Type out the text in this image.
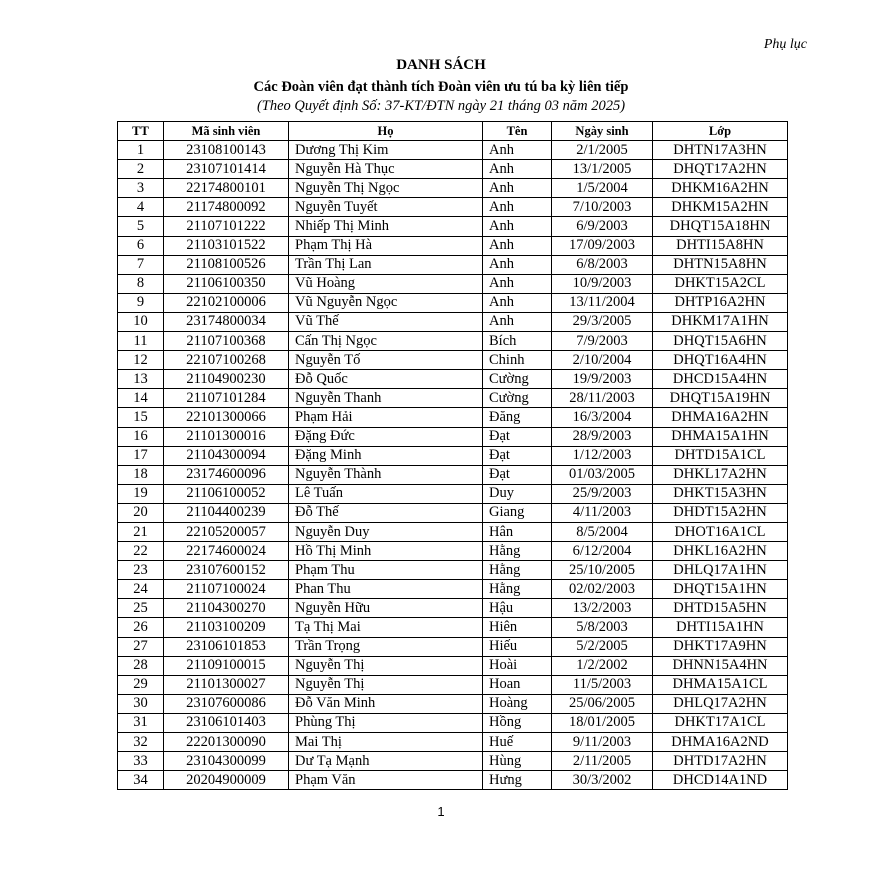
Phụ lục
DANH SÁCH
Các Đoàn viên đạt thành tích Đoàn viên ưu tú ba kỳ liên tiếp
(Theo Quyết định Số: 37-KT/ĐTN ngày 21 tháng 03 năm 2025)
TT	Mã sinh viên	Họ	Tên	Ngày sinh	Lớp
1	23108100143	Dương Thị Kim	Anh	2/1/2005	DHTN17A3HN
2	23107101414	Nguyễn Hà Thục	Anh	13/1/2005	DHQT17A2HN
3	22174800101	Nguyễn Thị Ngọc	Anh	1/5/2004	DHKM16A2HN
4	21174800092	Nguyễn Tuyết	Anh	7/10/2003	DHKM15A2HN
5	21107101222	Nhiếp Thị Minh	Anh	6/9/2003	DHQT15A18HN
6	21103101522	Phạm Thị Hà	Anh	17/09/2003	DHTI15A8HN
7	21108100526	Trần Thị Lan	Anh	6/8/2003	DHTN15A8HN
8	21106100350	Vũ Hoàng	Anh	10/9/2003	DHKT15A2CL
9	22102100006	Vũ Nguyễn Ngọc	Anh	13/11/2004	DHTP16A2HN
10	23174800034	Vũ Thế	Anh	29/3/2005	DHKM17A1HN
11	21107100368	Cấn Thị Ngọc	Bích	7/9/2003	DHQT15A6HN
12	22107100268	Nguyễn Tố	Chinh	2/10/2004	DHQT16A4HN
13	21104900230	Đỗ Quốc	Cường	19/9/2003	DHCD15A4HN
14	21107101284	Nguyễn Thanh	Cường	28/11/2003	DHQT15A19HN
15	22101300066	Phạm Hải	Đăng	16/3/2004	DHMA16A2HN
16	21101300016	Đặng Đức	Đạt	28/9/2003	DHMA15A1HN
17	21104300094	Đặng Minh	Đạt	1/12/2003	DHTD15A1CL
18	23174600096	Nguyễn Thành	Đạt	01/03/2005	DHKL17A2HN
19	21106100052	Lê Tuấn	Duy	25/9/2003	DHKT15A3HN
20	21104400239	Đỗ Thế	Giang	4/11/2003	DHDT15A2HN
21	22105200057	Nguyễn Duy	Hân	8/5/2004	DHOT16A1CL
22	22174600024	Hồ Thị Minh	Hằng	6/12/2004	DHKL16A2HN
23	23107600152	Phạm Thu	Hằng	25/10/2005	DHLQ17A1HN
24	21107100024	Phan Thu	Hằng	02/02/2003	DHQT15A1HN
25	21104300270	Nguyễn Hữu	Hậu	13/2/2003	DHTD15A5HN
26	21103100209	Tạ Thị Mai	Hiên	5/8/2003	DHTI15A1HN
27	23106101853	Trần Trọng	Hiếu	5/2/2005	DHKT17A9HN
28	21109100015	Nguyễn Thị	Hoài	1/2/2002	DHNN15A4HN
29	21101300027	Nguyễn Thị	Hoan	11/5/2003	DHMA15A1CL
30	23107600086	Đỗ Văn Minh	Hoàng	25/06/2005	DHLQ17A2HN
31	23106101403	Phùng Thị	Hồng	18/01/2005	DHKT17A1CL
32	22201300090	Mai Thị	Huế	9/11/2003	DHMA16A2ND
33	23104300099	Dư Tạ Mạnh	Hùng	2/11/2005	DHTD17A2HN
34	20204900009	Phạm Văn	Hưng	30/3/2002	DHCD14A1ND
1
